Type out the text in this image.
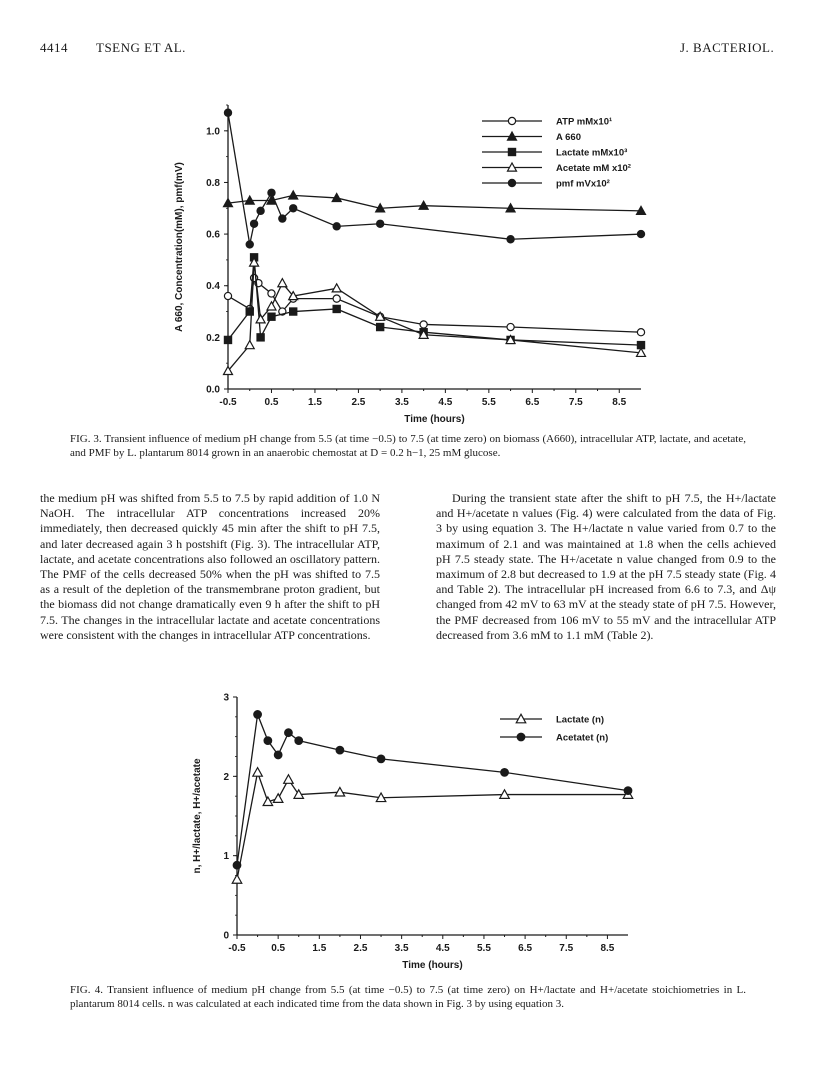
4414 TSENG ET AL.	J. BACTERIOL.
-0.5	0.5	1.5	2.5	3.5	4.5	5.5	6.5	7.5	8.5
0.0
0.2
0.4
0.6
0.8
1.0
Time (hours)
A 660, Concentration(mM), pmf(mV)
ATP mMx10¹
A 660
Lactate mMx10³
Acetate mM x10²
pmf mVx10²
FIG. 3. Transient influence of medium pH change from 5.5 (at time −0.5) to 7.5 (at time zero) on biomass (A660), intracellular ATP, lactate, and acetate, and PMF by L. plantarum 8014 grown in an anaerobic chemostat at D = 0.2 h−1, 25 mM glucose.

the medium pH was shifted from 5.5 to 7.5 by rapid addition of 1.0 N NaOH. The intracellular ATP concentrations increased 20% immediately, then decreased quickly 45 min after the shift to pH 7.5, and later decreased again 3 h postshift (Fig. 3). The intracellular ATP, lactate, and acetate concentrations also followed an oscillatory pattern. The PMF of the cells decreased 50% when the pH was shifted to 7.5 as a result of the depletion of the transmembrane proton gradient, but the biomass did not change dramatically even 9 h after the shift to pH 7.5. The changes in the intracellular lactate and acetate concentrations were consistent with the changes in intracellular ATP concentrations.

During the transient state after the shift to pH 7.5, the H+/lactate and H+/acetate n values (Fig. 4) were calculated from the data of Fig. 3 by using equation 3. The H+/lactate n value varied from 0.7 to the maximum of 2.1 and was maintained at 1.8 when the cells achieved pH 7.5 steady state. The H+/acetate n value changed from 0.9 to the maximum of 2.8 but decreased to 1.9 at the pH 7.5 steady state (Fig. 4 and Table 2). The intracellular pH increased from 6.6 to 7.3, and Δψ changed from 42 mV to 63 mV at the steady state of pH 7.5. However, the PMF decreased from 106 mV to 55 mV and the intracellular ATP decreased from 3.6 mM to 1.1 mM (Table 2).

-0.5	0.5	1.5	2.5	3.5	4.5	5.5	6.5	7.5	8.5
0
1
2
3
Time (hours)
n, H+/lactate, H+/acetate
Lactate (n)
Acetatet (n)
FIG. 4. Transient influence of medium pH change from 5.5 (at time −0.5) to 7.5 (at time zero) on H+/lactate and H+/acetate stoichiometries in L. plantarum 8014 cells. n was calculated at each indicated time from the data shown in Fig. 3 by using equation 3.
